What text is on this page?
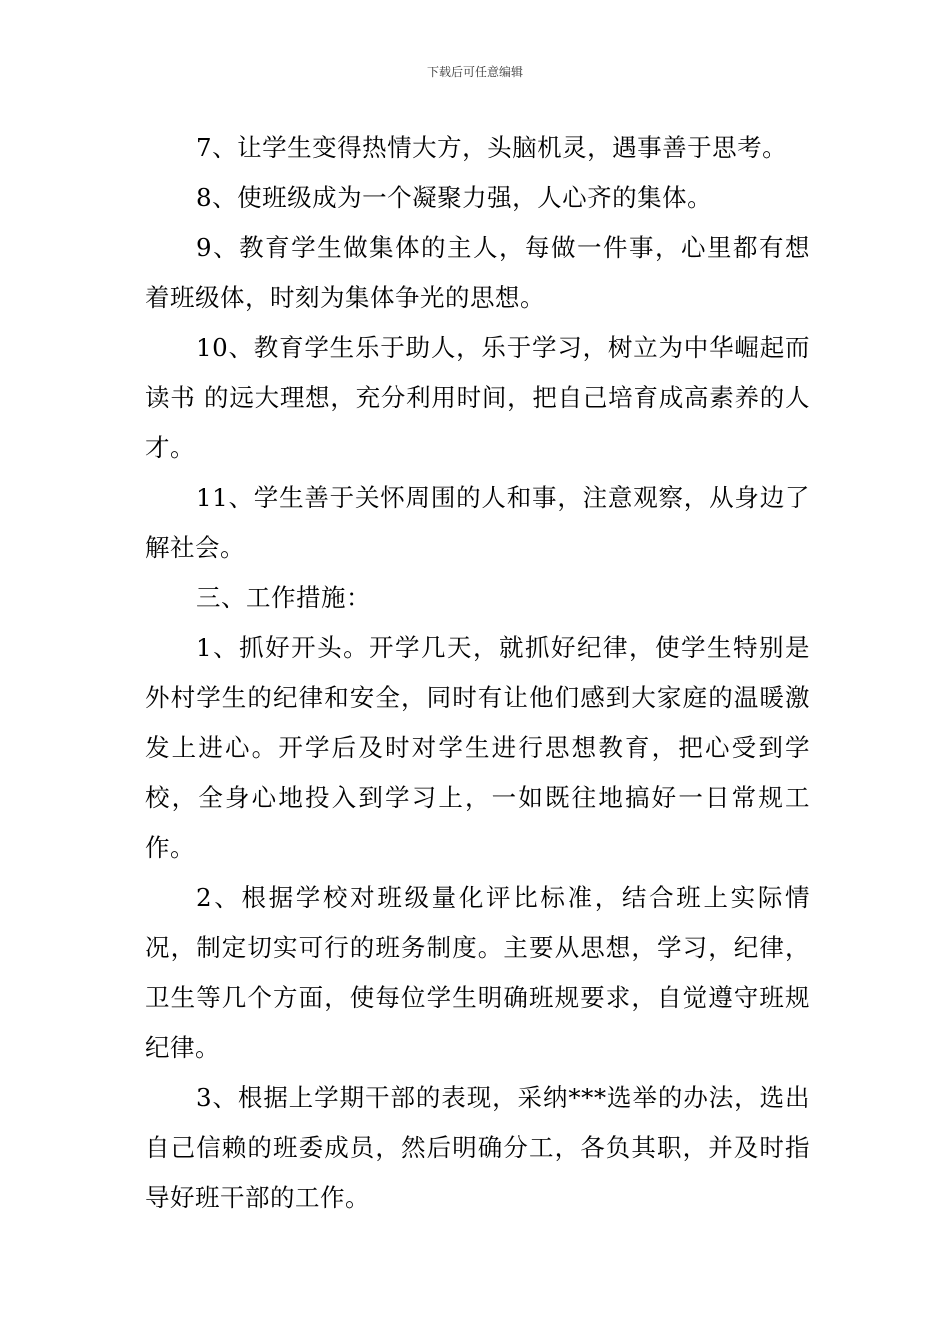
下载后可任意编辑

7、让学生变得热情大方，头脑机灵，遇事善于思考。

8、使班级成为一个凝聚力强，人心齐的集体。

9、教育学生做集体的主人，每做一件事，心里都有想着班级体，时刻为集体争光的思想。

10、教育学生乐于助人，乐于学习，树立为中华崛起而读书 的远大理想，充分利用时间，把自己培育成高素养的人才。

11、学生善于关怀周围的人和事，注意观察，从身边了解社会。

三、工作措施：

1、抓好开头。开学几天，就抓好纪律，使学生特别是外村学生的纪律和安全，同时有让他们感到大家庭的温暖激发上进心。开学后及时对学生进行思想教育，把心受到学校，全身心地投入到学习上，一如既往地搞好一日常规工作。

2、根据学校对班级量化评比标准，结合班上实际情况，制定切实可行的班务制度。主要从思想，学习，纪律，卫生等几个方面，使每位学生明确班规要求，自觉遵守班规纪律。

3、根据上学期干部的表现，采纳***选举的办法，选出自己信赖的班委成员，然后明确分工，各负其职，并及时指导好班干部的工作。
